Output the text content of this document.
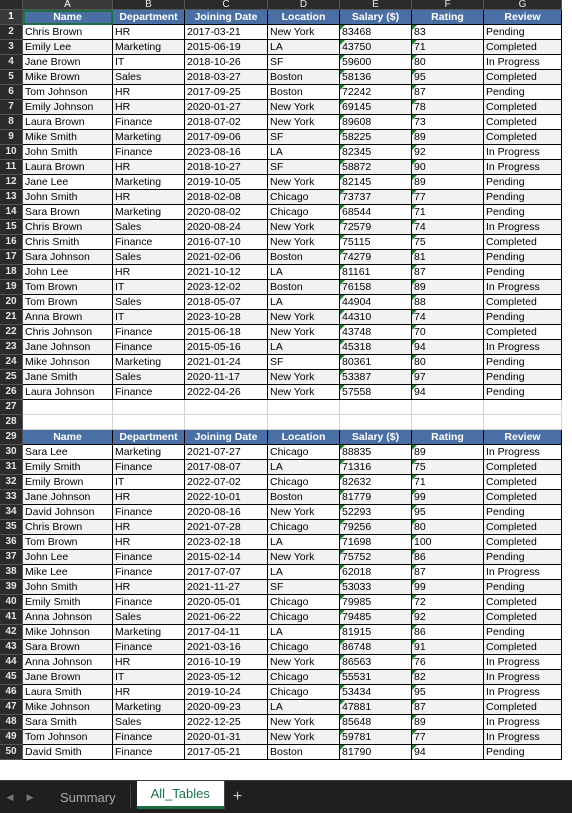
A	B	C	D	E	F	G
1	Name	Department	Joining Date	Location	Salary ($)	Rating	Review
2	Chris Brown	HR	2017-03-21	New York	83468	83	Pending
3	Emily Lee	Marketing	2015-06-19	LA	43750	71	Completed
4	Jane Brown	IT	2018-10-26	SF	59600	80	In Progress
5	Mike Brown	Sales	2018-03-27	Boston	58136	95	Completed
6	Tom Johnson	HR	2017-09-25	Boston	72242	87	Pending
7	Emily Johnson	HR	2020-01-27	New York	69145	78	Completed
8	Laura Brown	Finance	2018-07-02	New York	89608	73	Completed
9	Mike Smith	Marketing	2017-09-06	SF	58225	89	Completed
10 John Smith	Finance	2023-08-16	LA	82345	92	In Progress
11 Laura Brown	HR	2018-10-27	SF	58872	90	In Progress
12 Jane Lee	Marketing	2019-10-05	New York	82145	89	Pending
13 John Smith	HR	2018-02-08	Chicago	73737	77	Pending
14 Sara Brown	Marketing	2020-08-02	Chicago	68544	71	Pending
15 Chris Brown	Sales	2020-08-24	New York	72579	74	In Progress
16 Chris Smith	Finance	2016-07-10	New York	75115	75	Completed
17 Sara Johnson	Sales	2021-02-06	Boston	74279	81	Pending
18 John Lee	HR	2021-10-12	LA	81161	87	Pending
19 Tom Brown	IT	2023-12-02	Boston	76158	89	In Progress
20 Tom Brown	Sales	2018-05-07	LA	44904	88	Completed
21 Anna Brown	IT	2023-10-28	New York	44310	74	Pending
22 Chris Johnson	Finance	2015-06-18	New York	43748	70	Completed
23 Jane Johnson	Finance	2015-05-16	LA	45318	94	In Progress
24 Mike Johnson	Marketing	2021-01-24	SF	80361	80	Pending
25 Jane Smith	Sales	2020-11-17	New York	53387	97	Pending
26 Laura Johnson	Finance	2022-04-26	New York	57558	94	Pending
27
28
29	Name	Department	Joining Date	Location	Salary ($)	Rating	Review
30 Sara Lee	Marketing	2021-07-27	Chicago	88835	89	In Progress
31 Emily Smith	Finance	2017-08-07	LA	71316	75	Completed
32 Emily Brown	IT	2022-07-02	Chicago	82632	71	Completed
33 Jane Johnson	HR	2022-10-01	Boston	81779	99	Completed
34 David Johnson	Finance	2020-08-16	New York	52293	95	Pending
35 Chris Brown	HR	2021-07-28	Chicago	79256	80	Completed
36 Tom Brown	HR	2023-02-18	LA	71698	100	Completed
37 John Lee	Finance	2015-02-14	New York	75752	86	Pending
38 Mike Lee	Finance	2017-07-07	LA	62018	87	In Progress
39 John Smith	HR	2021-11-27	SF	53033	99	Pending
40 Emily Smith	Finance	2020-05-01	Chicago	79985	72	Completed
41 Anna Johnson	Sales	2021-06-22	Chicago	79485	92	Completed
42 Mike Johnson	Marketing	2017-04-11	LA	81915	86	Pending
43 Sara Brown	Finance	2021-03-16	Chicago	86748	91	Completed
44 Anna Johnson	HR	2016-10-19	New York	86563	76	In Progress
45 Jane Brown	IT	2023-05-12	Chicago	55531	82	In Progress
46 Laura Smith	HR	2019-10-24	Chicago	53434	95	In Progress
47 Mike Johnson	Marketing	2020-09-23	LA	47881	87	Completed
48 Sara Smith	Sales	2022-12-25	New York	85648	89	In Progress
49 Tom Johnson	Finance	2020-01-31	New York	59781	77	In Progress
50 David Smith	Finance	2017-05-21	Boston	81790	94	Pending
◀	▶	Summary	All_Tables	+
